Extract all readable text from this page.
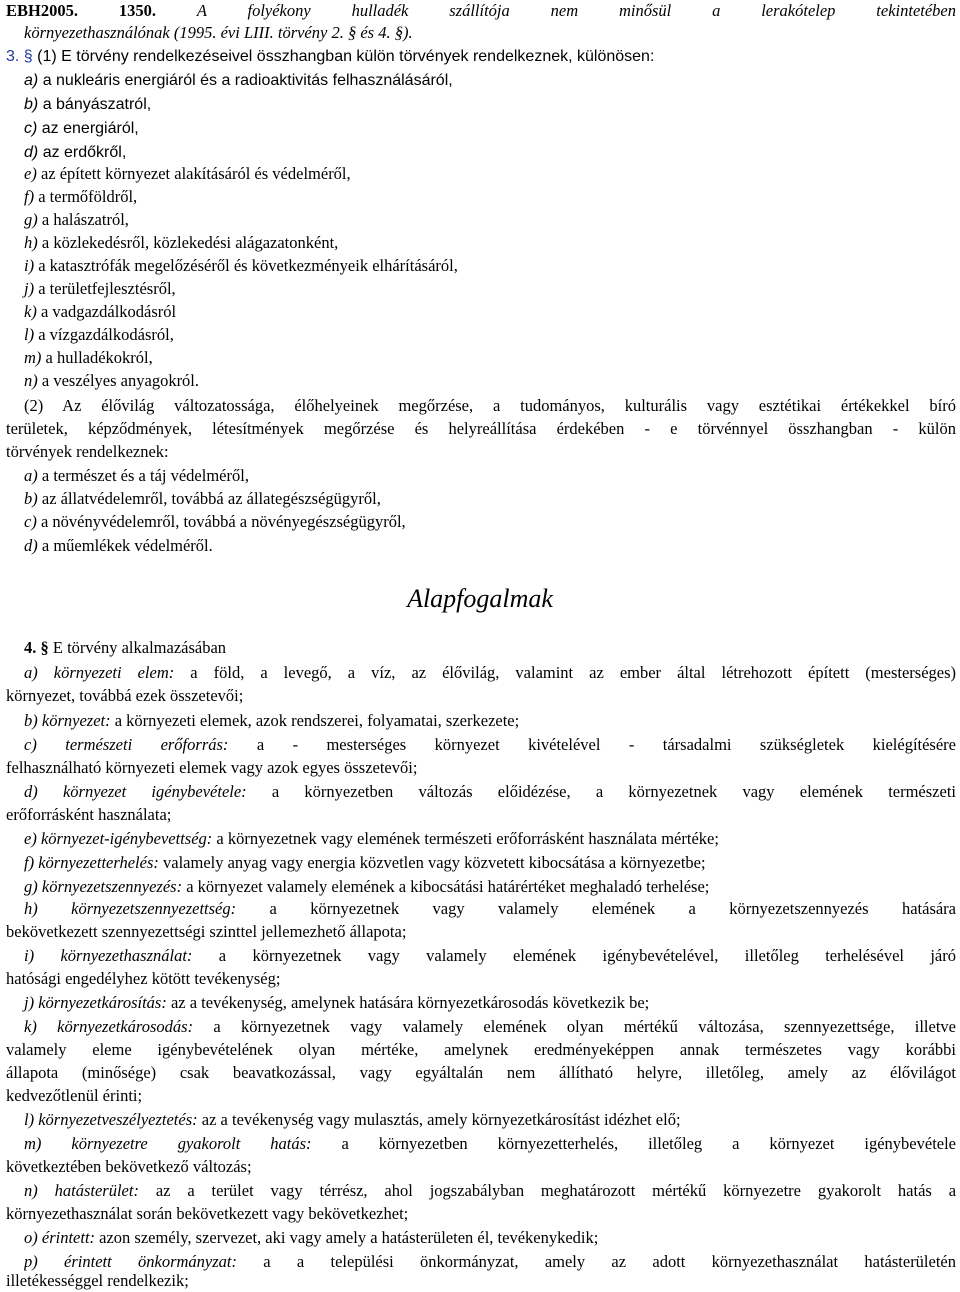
EBH2005. 1350. A folyékony hulladék szállítója nem minősül a lerakótelep tekintetében
környezethasználónak (1995. évi LIII. törvény 2. § és 4. §).
3. § (1) E törvény rendelkezéseivel összhangban külön törvények rendelkeznek, különösen:
a) a nukleáris energiáról és a radioaktivitás felhasználásáról,
b) a bányászatról,
c) az energiáról,
d) az erdőkről,
e) az épített környezet alakításáról és védelméről,
f) a termőföldről,
g) a halászatról,
h) a közlekedésről, közlekedési alágazatonként,
i) a katasztrófák megelőzéséről és következményeik elhárításáról,
j) a területfejlesztésről,
k) a vadgazdálkodásról
l) a vízgazdálkodásról,
m) a hulladékokról,
n) a veszélyes anyagokról.
(2) Az élővilág változatossága, élőhelyeinek megőrzése, a tudományos, kulturális vagy esztétikai értékekkel bíró
területek, képződmények, létesítmények megőrzése és helyreállítása érdekében - e törvénnyel összhangban - külön
törvények rendelkeznek:
a) a természet és a táj védelméről,
b) az állatvédelemről, továbbá az állategészségügyről,
c) a növényvédelemről, továbbá a növényegészségügyről,
d) a műemlékek védelméről.
Alapfogalmak
4. § E törvény alkalmazásában
a) környezeti elem: a föld, a levegő, a víz, az élővilág, valamint az ember által létrehozott épített (mesterséges)
környezet, továbbá ezek összetevői;
b) környezet: a környezeti elemek, azok rendszerei, folyamatai, szerkezete;
c) természeti erőforrás: a - mesterséges környezet kivételével - társadalmi szükségletek kielégítésére
felhasználható környezeti elemek vagy azok egyes összetevői;
d) környezet igénybevétele: a környezetben változás előidézése, a környezetnek vagy elemének természeti
erőforrásként használata;
e) környezet-igénybevettség: a környezetnek vagy elemének természeti erőforrásként használata mértéke;
f) környezetterhelés: valamely anyag vagy energia közvetlen vagy közvetett kibocsátása a környezetbe;
g) környezetszennyezés: a környezet valamely elemének a kibocsátási határértéket meghaladó terhelése;
h) környezetszennyezettség: a környezetnek vagy valamely elemének a környezetszennyezés hatására
bekövetkezett szennyezettségi szinttel jellemezhető állapota;
i) környezethasználat: a környezetnek vagy valamely elemének igénybevételével, illetőleg terhelésével járó
hatósági engedélyhez kötött tevékenység;
j) környezetkárosítás: az a tevékenység, amelynek hatására környezetkárosodás következik be;
k) környezetkárosodás: a környezetnek vagy valamely elemének olyan mértékű változása, szennyezettsége, illetve
valamely eleme igénybevételének olyan mértéke, amelynek eredményeképpen annak természetes vagy korábbi
állapota (minősége) csak beavatkozással, vagy egyáltalán nem állítható helyre, illetőleg, amely az élővilágot
kedvezőtlenül érinti;
l) környezetveszélyeztetés: az a tevékenység vagy mulasztás, amely környezetkárosítást idézhet elő;
m) környezetre gyakorolt hatás: a környezetben környezetterhelés, illetőleg a környezet igénybevétele
következtében bekövetkező változás;
n) hatásterület: az a terület vagy térrész, ahol jogszabályban meghatározott mértékű környezetre gyakorolt hatás a
környezethasználat során bekövetkezett vagy bekövetkezhet;
o) érintett: azon személy, szervezet, aki vagy amely a hatásterületen él, tevékenykedik;
p) érintett önkormányzat: a a települési önkormányzat, amely az adott környezethasználat hatásterületén
illetékességgel rendelkezik;
